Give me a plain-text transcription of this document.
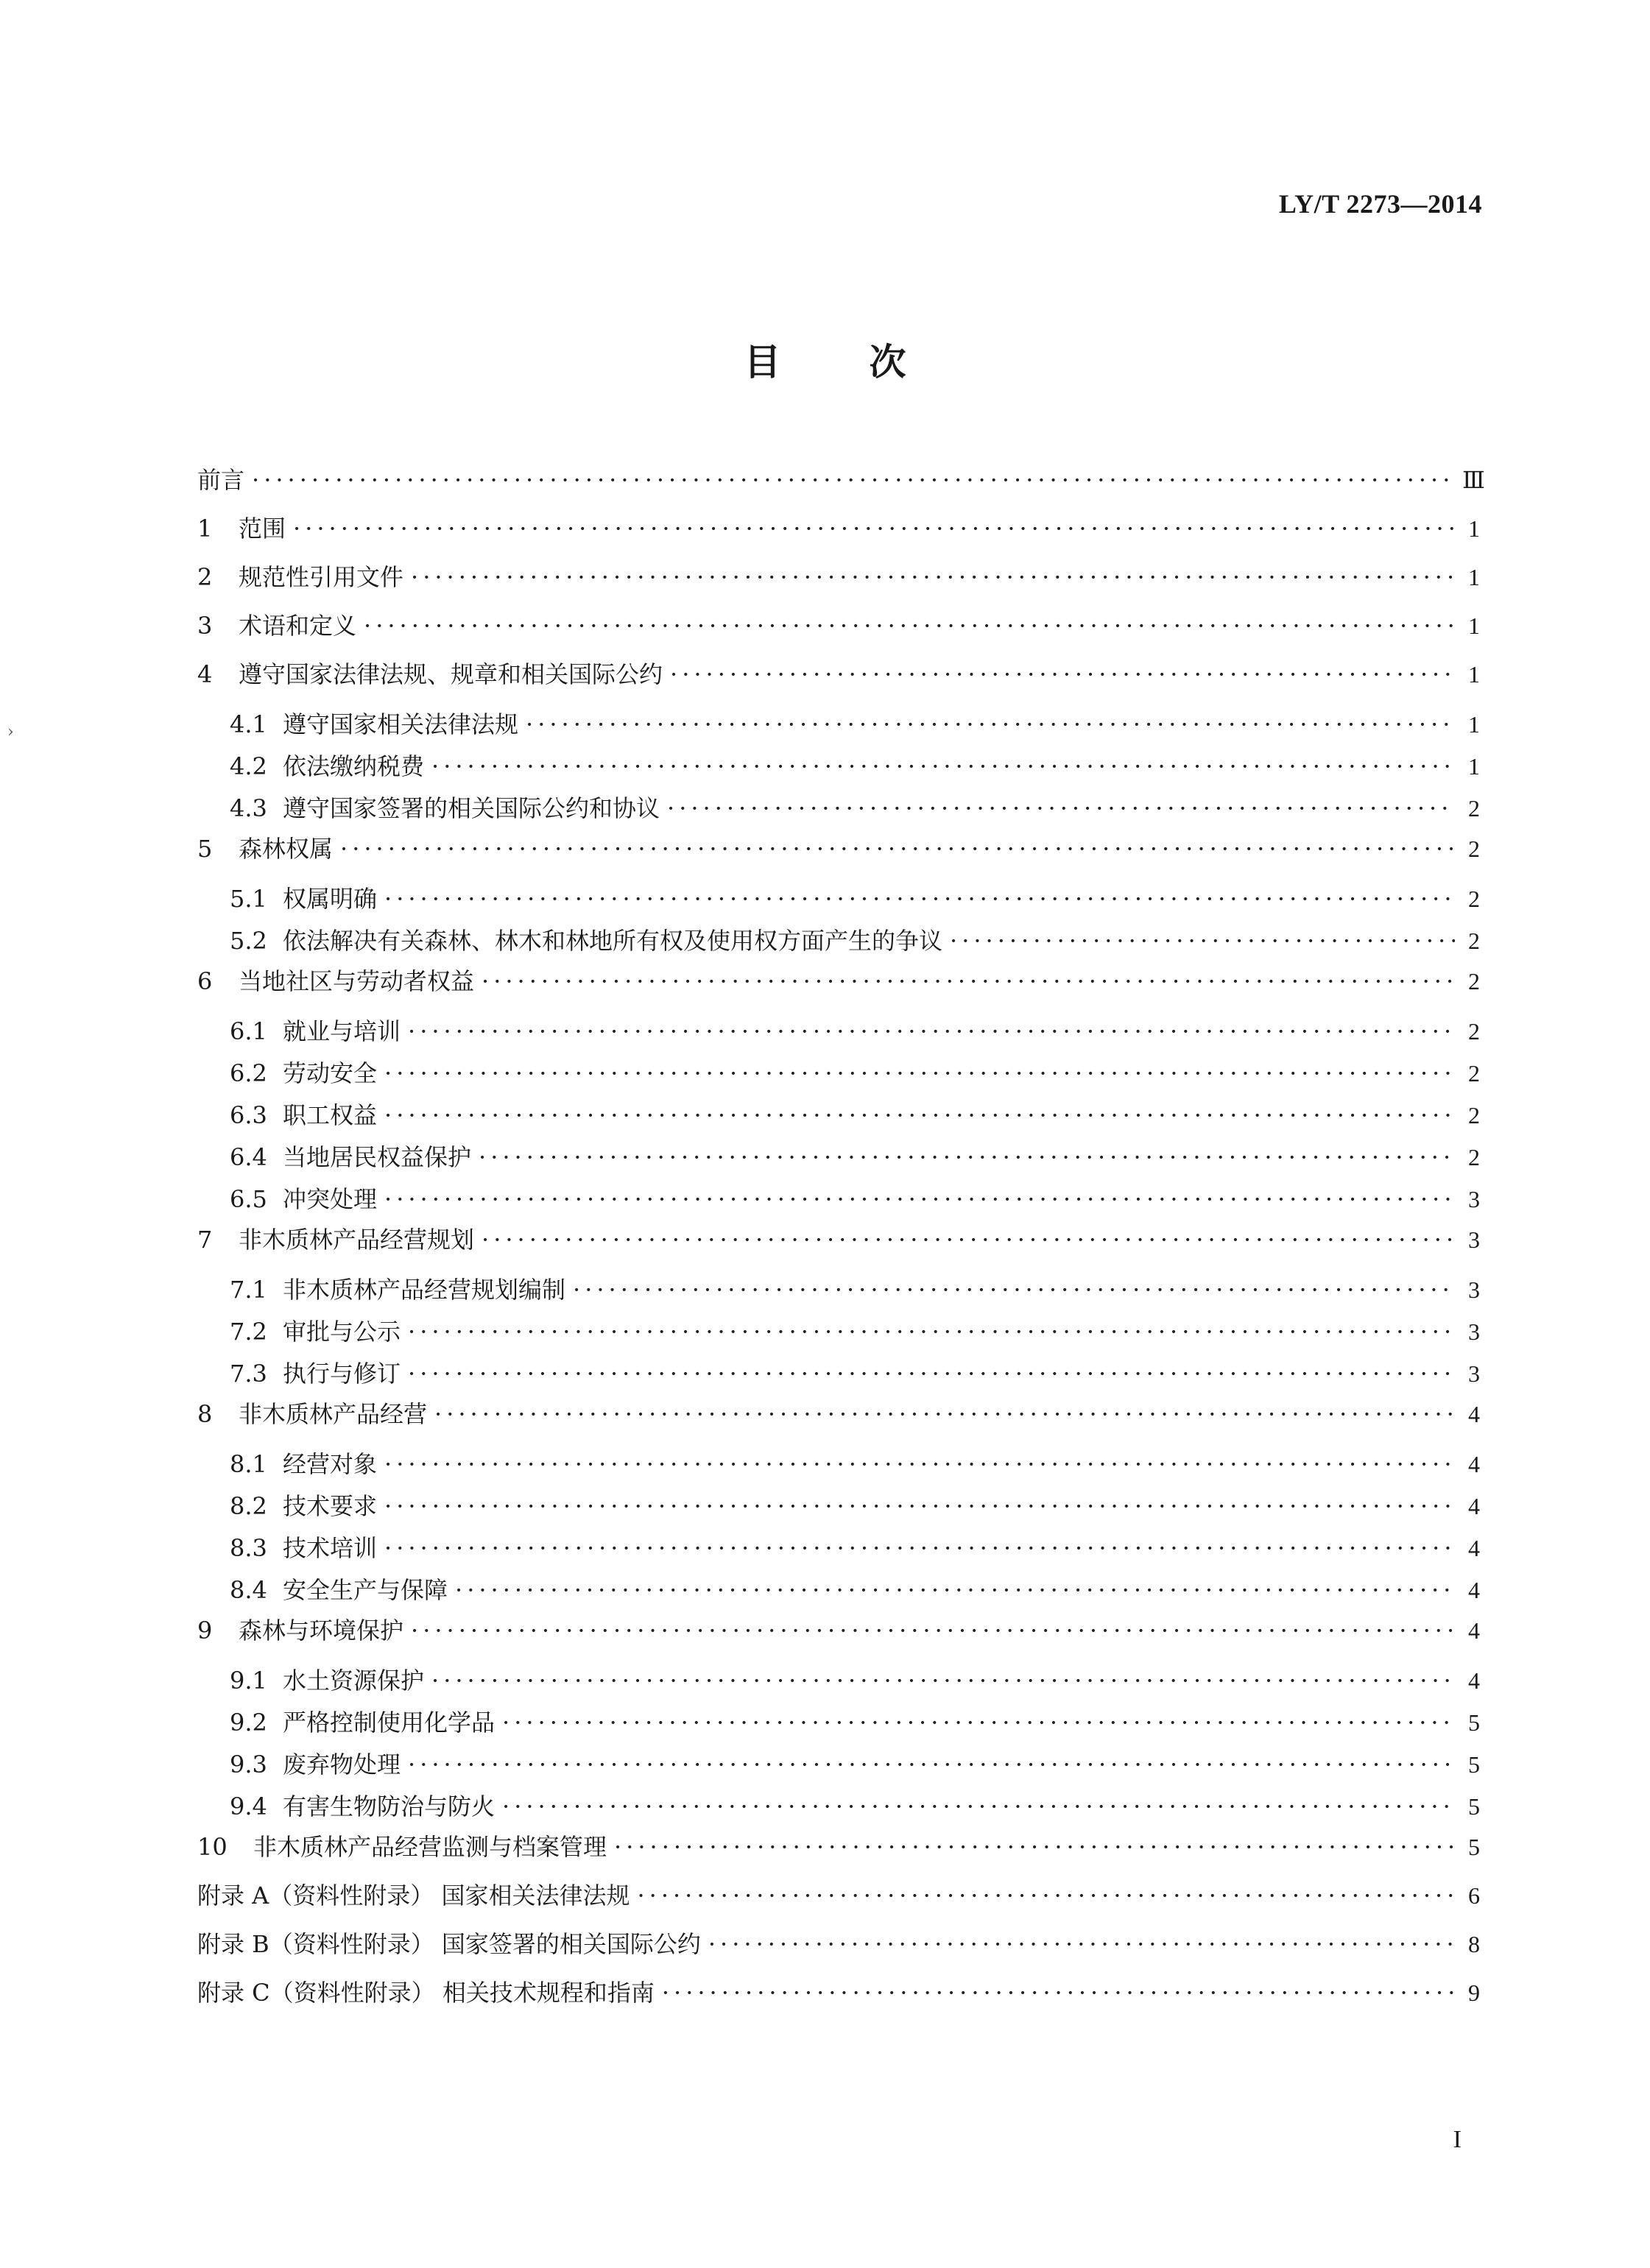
LY/T 2273—2014
目次
›
前言 ·····	Ⅲ
1	范围 ·····	1
2	规范性引用文件 ·····	1
3	术语和定义 ·····	1
4	遵守国家法律法规、规章和相关国际公约 ·····	1
4.1 遵守国家相关法律法规 ·····	1
4.2 依法缴纳税费 ·····	1
4.3 遵守国家签署的相关国际公约和协议 ·····	2
5	森林权属 ·····	2
5.1 权属明确 ·····	2
5.2 依法解决有关森林、林木和林地所有权及使用权方面产生的争议 ·····	2
6	当地社区与劳动者权益 ·····	2
6.1 就业与培训 ·····	2
6.2 劳动安全 ·····	2
6.3 职工权益 ·····	2
6.4 当地居民权益保护 ·····	2
6.5 冲突处理 ·····	3
7	非木质林产品经营规划 ·····	3
7.1 非木质林产品经营规划编制 ·····	3
7.2 审批与公示 ·····	3
7.3 执行与修订 ·····	3
8	非木质林产品经营 ·····	4
8.1 经营对象 ·····	4
8.2 技术要求 ·····	4
8.3 技术培训 ·····	4
8.4 安全生产与保障 ·····	4
9	森林与环境保护 ·····	4
9.1 水土资源保护 ·····	4
9.2 严格控制使用化学品 ·····	5
9.3 废弃物处理 ·····	5
9.4 有害生物防治与防火 ·····	5
10	非木质林产品经营监测与档案管理 ·····	5
附录 A（资料性附录） 国家相关法律法规 ·····	6
附录 B（资料性附录） 国家签署的相关国际公约 ·····	8
附录 C（资料性附录） 相关技术规程和指南 ·····	9
I
